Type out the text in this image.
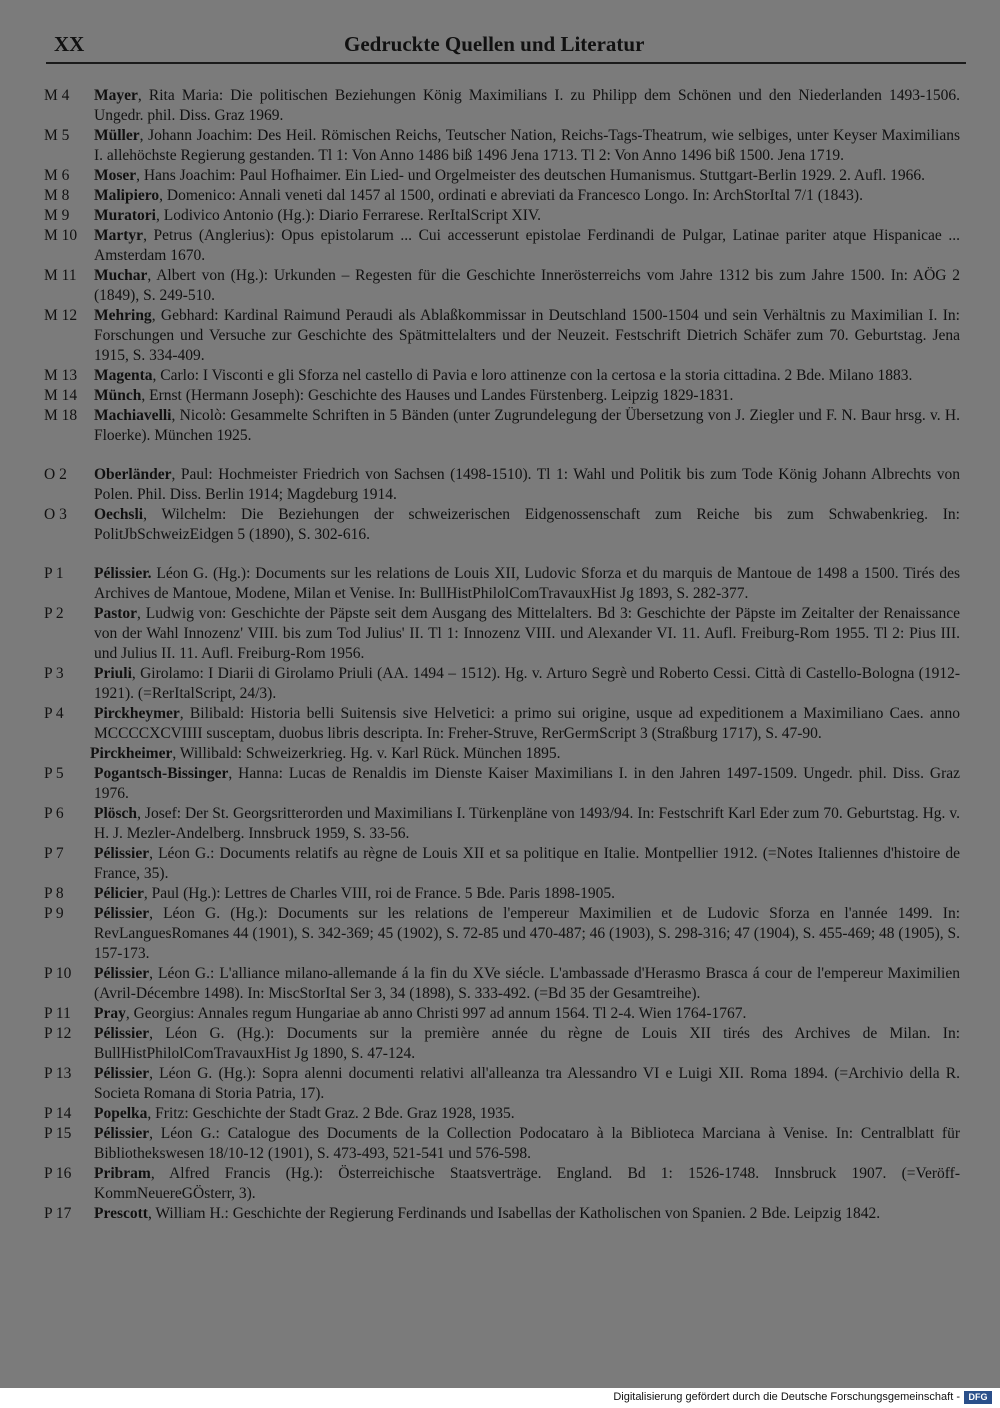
XX	Gedruckte Quellen und Literatur
M 4	Mayer, Rita Maria: Die politischen Beziehungen König Maximilians I. zu Philipp dem Schönen und den Niederlanden 1493-1506. Ungedr. phil. Diss. Graz 1969.
M 5	Müller, Johann Joachim: Des Heil. Römischen Reichs, Teutscher Nation, Reichs-Tags-Theatrum, wie selbiges, unter Keyser Maximilians I. allehöchste Regierung gestanden. Tl 1: Von Anno 1486 biß 1496 Jena 1713. Tl 2: Von Anno 1496 biß 1500. Jena 1719.
M 6	Moser, Hans Joachim: Paul Hofhaimer. Ein Lied- und Orgelmeister des deutschen Humanismus. Stuttgart-Berlin 1929. 2. Aufl. 1966.
M 8	Malipiero, Domenico: Annali veneti dal 1457 al 1500, ordinati e abreviati da Francesco Longo. In: ArchStorItal 7/1 (1843).
M 9	Muratori, Lodivico Antonio (Hg.): Diario Ferrarese. RerItalScript XIV.
M 10	Martyr, Petrus (Anglerius): Opus epistolarum ... Cui accesserunt epistolae Ferdinandi de Pulgar, Latinae pariter atque Hispanicae ... Amsterdam 1670.
M 11	Muchar, Albert von (Hg.): Urkunden – Regesten für die Geschichte Innerösterreichs vom Jahre 1312 bis zum Jahre 1500. In: AÖG 2 (1849), S. 249-510.
M 12	Mehring, Gebhard: Kardinal Raimund Peraudi als Ablaßkommissar in Deutschland 1500-1504 und sein Verhältnis zu Maximilian I. In: Forschungen und Versuche zur Geschichte des Spätmittelalters und der Neuzeit. Festschrift Dietrich Schäfer zum 70. Geburtstag. Jena 1915, S. 334-409.
M 13	Magenta, Carlo: I Visconti e gli Sforza nel castello di Pavia e loro attinenze con la certosa e la storia cittadina. 2 Bde. Milano 1883.
M 14	Münch, Ernst (Hermann Joseph): Geschichte des Hauses und Landes Fürstenberg. Leipzig 1829-1831.
M 18	Machiavelli, Nicolò: Gesammelte Schriften in 5 Bänden (unter Zugrundelegung der Übersetzung von J. Ziegler und F. N. Baur hrsg. v. H. Floerke). München 1925.
O 2	Oberländer, Paul: Hochmeister Friedrich von Sachsen (1498-1510). Tl 1: Wahl und Politik bis zum Tode König Johann Albrechts von Polen. Phil. Diss. Berlin 1914; Magdeburg 1914.
O 3	Oechsli, Wilchelm: Die Beziehungen der schweizerischen Eidgenossenschaft zum Reiche bis zum Schwabenkrieg. In: PolitJbSchweizEidgen 5 (1890), S. 302-616.
P 1	Pélissier. Léon G. (Hg.): Documents sur les relations de Louis XII, Ludovic Sforza et du marquis de Mantoue de 1498 a 1500. Tirés des Archives de Mantoue, Modene, Milan et Venise. In: BullHistPhilolComTravauxHist Jg 1893, S. 282-377.
P 2	Pastor, Ludwig von: Geschichte der Päpste seit dem Ausgang des Mittelalters. Bd 3: Geschichte der Päpste im Zeitalter der Renaissance von der Wahl Innozenz' VIII. bis zum Tod Julius' II. Tl 1: Innozenz VIII. und Alexander VI. 11. Aufl. Freiburg-Rom 1955. Tl 2: Pius III. und Julius II. 11. Aufl. Freiburg-Rom 1956.
P 3	Priuli, Girolamo: I Diarii di Girolamo Priuli (AA. 1494 – 1512). Hg. v. Arturo Segrè und Roberto Cessi. Città di Castello-Bologna (1912-1921). (=RerItalScript, 24/3).
P 4	Pirckheymer, Bilibald: Historia belli Suitensis sive Helvetici: a primo sui origine, usque ad expeditionem a Maximiliano Caes. anno MCCCCXCVIIII susceptam, duobus libris descripta. In: Freher-Struve, RerGermScript 3 (Straßburg 1717), S. 47-90.
Pirckheimer, Willibald: Schweizerkrieg. Hg. v. Karl Rück. München 1895.
P 5	Pogantsch-Bissinger, Hanna: Lucas de Renaldis im Dienste Kaiser Maximilians I. in den Jahren 1497-1509. Ungedr. phil. Diss. Graz 1976.
P 6	Plösch, Josef: Der St. Georgsritterorden und Maximilians I. Türkenpläne von 1493/94. In: Festschrift Karl Eder zum 70. Geburtstag. Hg. v. H. J. Mezler-Andelberg. Innsbruck 1959, S. 33-56.
P 7	Pélissier, Léon G.: Documents relatifs au règne de Louis XII et sa politique en Italie. Montpellier 1912. (=Notes Italiennes d'histoire de France, 35).
P 8	Pélicier, Paul (Hg.): Lettres de Charles VIII, roi de France. 5 Bde. Paris 1898-1905.
P 9	Pélissier, Léon G. (Hg.): Documents sur les relations de l'empereur Maximilien et de Ludovic Sforza en l'année 1499. In: RevLanguesRomanes 44 (1901), S. 342-369; 45 (1902), S. 72-85 und 470-487; 46 (1903), S. 298-316; 47 (1904), S. 455-469; 48 (1905), S. 157-173.
P 10	Pélissier, Léon G.: L'alliance milano-allemande á la fin du XVe siécle. L'ambassade d'Herasmo Brasca á cour de l'empereur Maximilien (Avril-Décembre 1498). In: MiscStorItal Ser 3, 34 (1898), S. 333-492. (=Bd 35 der Gesamtreihe).
P 11	Pray, Georgius: Annales regum Hungariae ab anno Christi 997 ad annum 1564. Tl 2-4. Wien 1764-1767.
P 12	Pélissier, Léon G. (Hg.): Documents sur la première année du règne de Louis XII tirés des Archives de Milan. In: BullHistPhilolComTravauxHist Jg 1890, S. 47-124.
P 13	Pélissier, Léon G. (Hg.): Sopra alenni documenti relativi all'alleanza tra Alessandro VI e Luigi XII. Roma 1894. (=Archivio della R. Societa Romana di Storia Patria, 17).
P 14	Popelka, Fritz: Geschichte der Stadt Graz. 2 Bde. Graz 1928, 1935.
P 15	Pélissier, Léon G.: Catalogue des Documents de la Collection Podocataro à la Biblioteca Marciana à Venise. In: Centralblatt für Bibliothekswesen 18/10-12 (1901), S. 473-493, 521-541 und 576-598.
P 16	Pribram, Alfred Francis (Hg.): Österreichische Staatsverträge. England. Bd 1: 1526-1748. Innsbruck 1907. (=Veröff-KommNeuereGÖsterr, 3).
P 17	Prescott, William H.: Geschichte der Regierung Ferdinands und Isabellas der Katholischen von Spanien. 2 Bde. Leipzig 1842.
Digitalisierung gefördert durch die Deutsche Forschungsgemeinschaft - DFG
